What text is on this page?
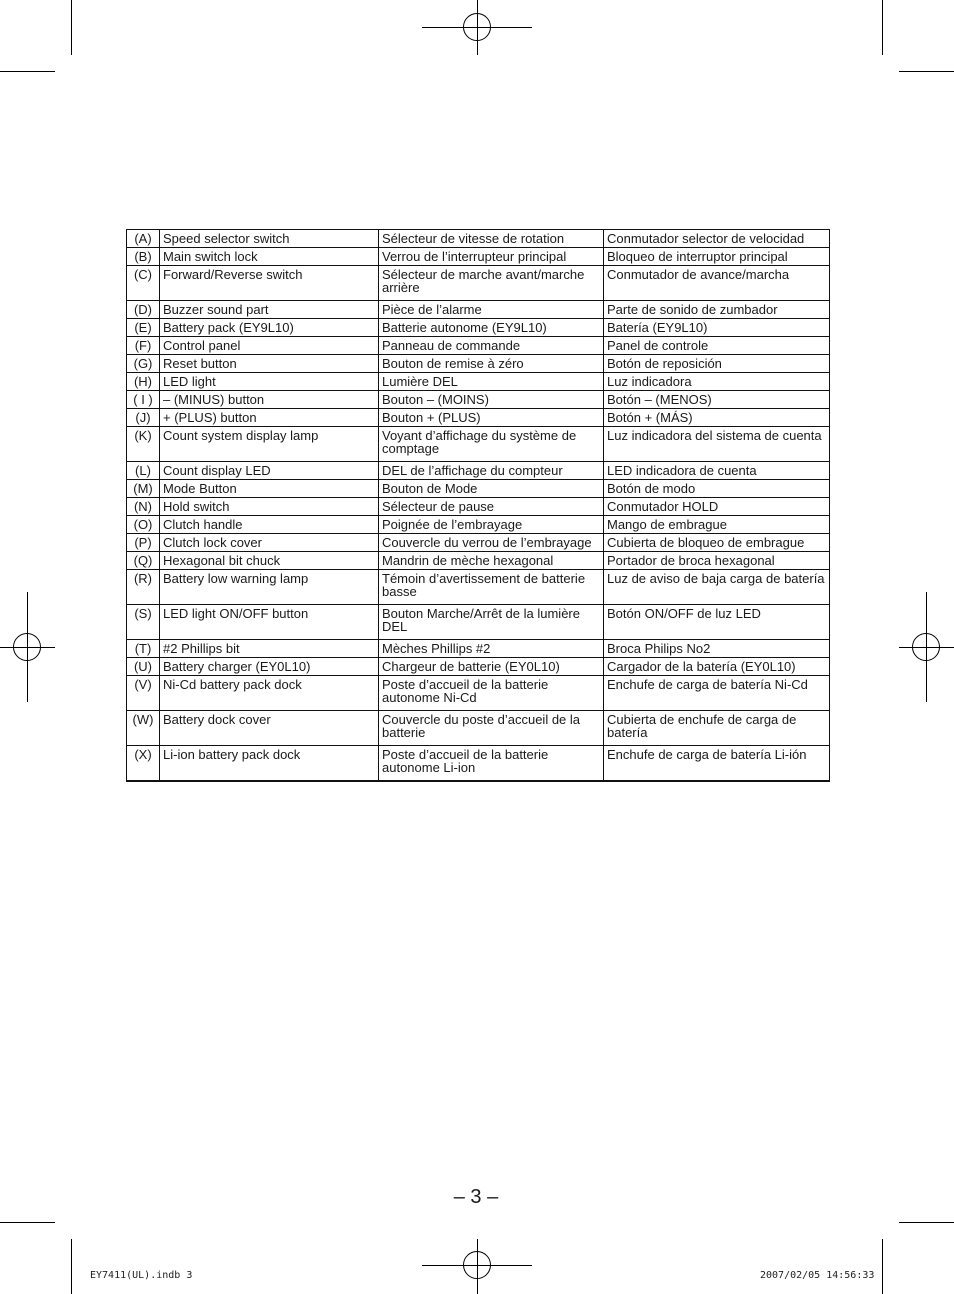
(A)	Speed selector switch	Sélecteur de vitesse de rotation	Conmutador selector de velocidad
(B)	Main switch lock	Verrou de l’interrupteur principal	Bloqueo de interruptor principal
(C)	Forward/Reverse switch	Sélecteur de marche avant/marche arrière	Conmutador de avance/marcha
(D)	Buzzer sound part	Pièce de l’alarme	Parte de sonido de zumbador
(E)	Battery pack (EY9L10)	Batterie autonome (EY9L10)	Batería (EY9L10)
(F)	Control panel	Panneau de commande	Panel de controle
(G)	Reset button	Bouton de remise à zéro	Botón de reposición
(H)	LED light	Lumière DEL	Luz indicadora
( I )	– (MINUS) button	Bouton – (MOINS)	Botón – (MENOS)
(J)	+ (PLUS) button	Bouton + (PLUS)	Botón + (MÁS)
(K)	Count system display lamp	Voyant d’affichage du système de comptage	Luz indicadora del sistema de cuenta
(L)	Count display LED	DEL de l’affichage du compteur	LED indicadora de cuenta
(M)	Mode Button	Bouton de Mode	Botón de modo
(N)	Hold switch	Sélecteur de pause	Conmutador HOLD
(O)	Clutch handle	Poignée de l’embrayage	Mango de embrague
(P)	Clutch lock cover	Couvercle du verrou de l’embrayage	Cubierta de bloqueo de embrague
(Q)	Hexagonal bit chuck	Mandrin de mèche hexagonal	Portador de broca hexagonal
(R)	Battery low warning lamp	Témoin d’avertissement de batterie basse	Luz de aviso de baja carga de batería
(S)	LED light ON/OFF button	Bouton Marche/Arrêt de la lumière DEL	Botón ON/OFF de luz LED
(T)	#2 Phillips bit	Mèches Phillips #2	Broca Philips No2
(U)	Battery charger (EY0L10)	Chargeur de batterie (EY0L10)	Cargador de la batería (EY0L10)
(V)	Ni-Cd battery pack dock	Poste d’accueil de la batterie autonome Ni-Cd	Enchufe de carga de batería Ni-Cd
(W)	Battery dock cover	Couvercle du poste d’accueil de la batterie	Cubierta de enchufe de carga de batería
(X)	Li-ion battery pack dock	Poste d’accueil de la batterie autonome Li-ion	Enchufe de carga de batería Li-ión
– 3 –
EY7411(UL).indb 3	2007/02/05 14:56:33
